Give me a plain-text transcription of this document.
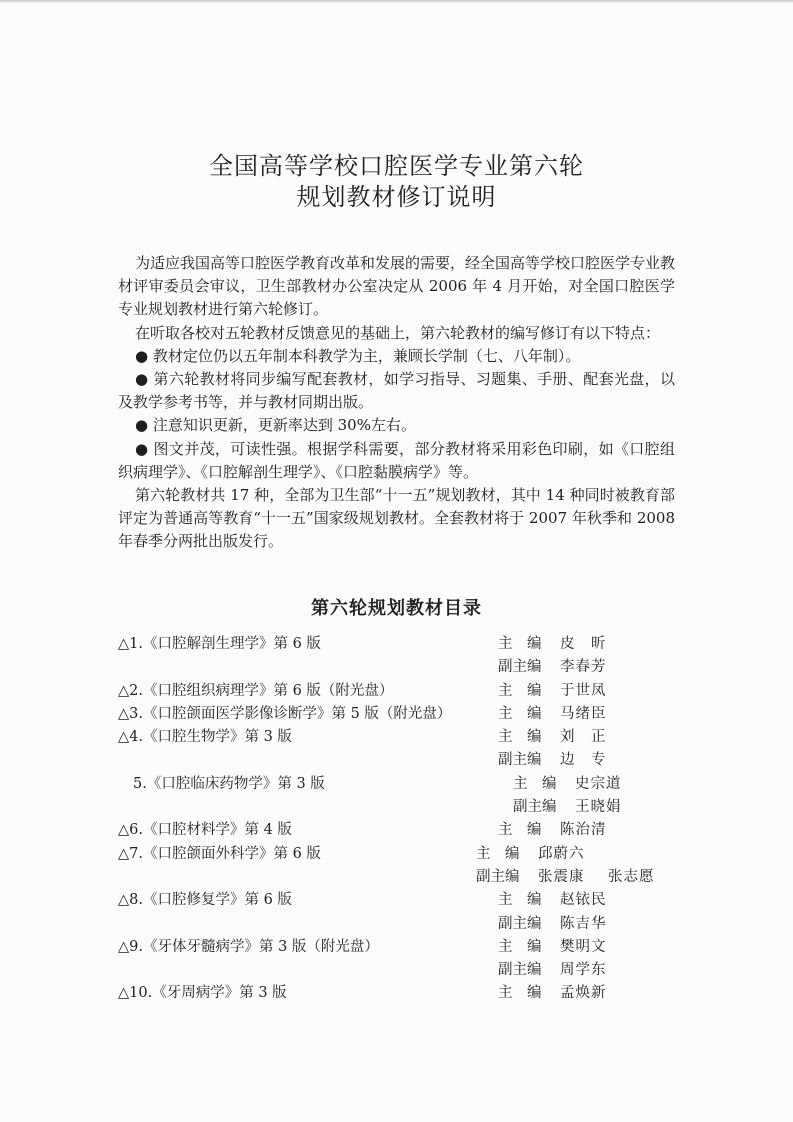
全国高等学校口腔医学专业第六轮
规划教材修订说明

为适应我国高等口腔医学教育改革和发展的需要，经全国高等学校口腔医学专业教材评审委员会审议，卫生部教材办公室决定从 2006 年 4 月开始，对全国口腔医学专业规划教材进行第六轮修订。

在听取各校对五轮教材反馈意见的基础上，第六轮教材的编写修订有以下特点：

● 教材定位仍以五年制本科教学为主，兼顾长学制（七、八年制）。

● 第六轮教材将同步编写配套教材，如学习指导、习题集、手册、配套光盘，以及教学参考书等，并与教材同期出版。

● 注意知识更新，更新率达到 30%左右。

● 图文并茂，可读性强。根据学科需要，部分教材将采用彩色印刷，如《口腔组织病理学》、《口腔解剖生理学》、《口腔黏膜病学》等。

第六轮教材共 17 种，全部为卫生部“十一五”规划教材，其中 14 种同时被教育部评定为普通高等教育“十一五”国家级规划教材。全套教材将于 2007 年秋季和 2008 年春季分两批出版发行。

第六轮规划教材目录
△1.《口腔解剖生理学》第 6 版	主　编	皮　昕
副主编	李春芳
△2.《口腔组织病理学》第 6 版（附光盘）	主　编	于世凤
△3.《口腔颌面医学影像诊断学》第 5 版（附光盘）	主　编	马绪臣
△4.《口腔生物学》第 3 版	主　编	刘　正
副主编	边　专
5.《口腔临床药物学》第 3 版	主　编	史宗道
副主编	王晓娟
△6.《口腔材料学》第 4 版	主　编	陈治清
△7.《口腔颌面外科学》第 6 版	主　编	邱蔚六
副主编	张震康	张志愿
△8.《口腔修复学》第 6 版	主　编	赵铱民
副主编	陈吉华
△9.《牙体牙髓病学》第 3 版（附光盘）	主　编	樊明文
副主编	周学东
△10.《牙周病学》第 3 版	主　编	孟焕新
